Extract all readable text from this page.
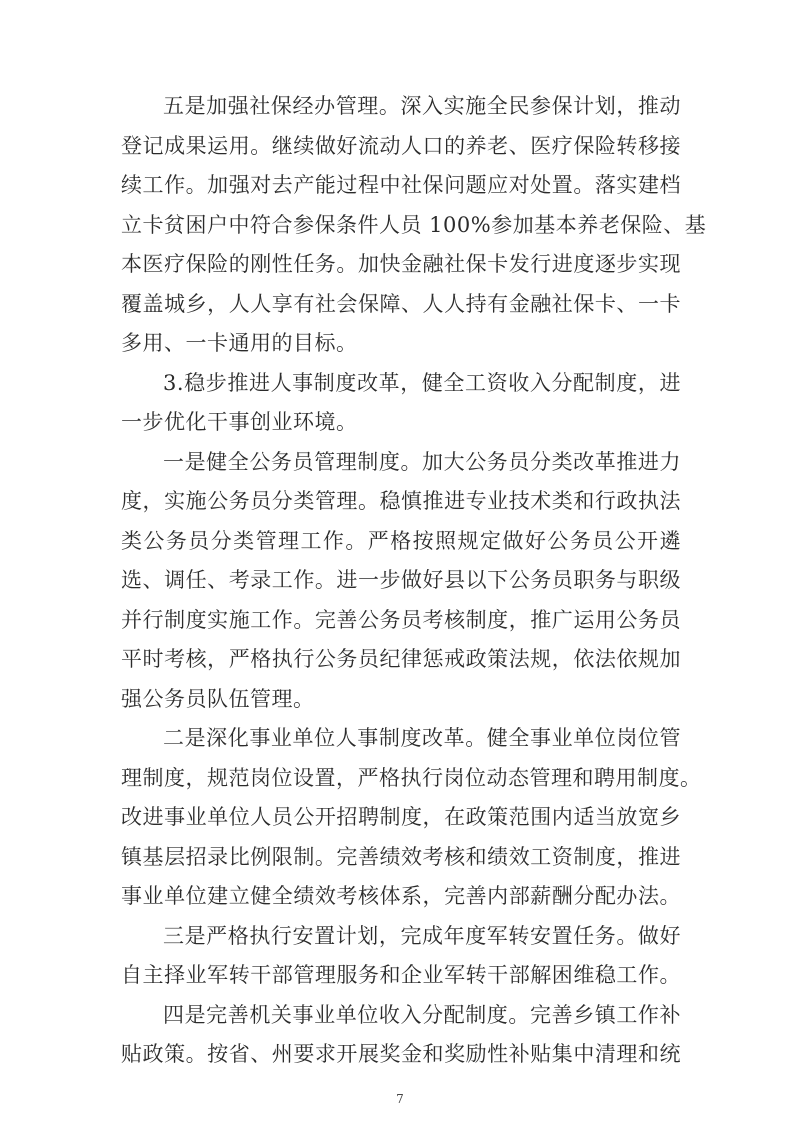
五是加强社保经办管理。深入实施全民参保计划，推动
登记成果运用。继续做好流动人口的养老、医疗保险转移接
续工作。加强对去产能过程中社保问题应对处置。落实建档
立卡贫困户中符合参保条件人员 100%参加基本养老保险、基
本医疗保险的刚性任务。加快金融社保卡发行进度逐步实现
覆盖城乡，人人享有社会保障、人人持有金融社保卡、一卡
多用、一卡通用的目标。
3.稳步推进人事制度改革，健全工资收入分配制度，进
一步优化干事创业环境。
一是健全公务员管理制度。加大公务员分类改革推进力
度，实施公务员分类管理。稳慎推进专业技术类和行政执法
类公务员分类管理工作。严格按照规定做好公务员公开遴
选、调任、考录工作。进一步做好县以下公务员职务与职级
并行制度实施工作。完善公务员考核制度，推广运用公务员
平时考核，严格执行公务员纪律惩戒政策法规，依法依规加
强公务员队伍管理。
二是深化事业单位人事制度改革。健全事业单位岗位管
理制度，规范岗位设置，严格执行岗位动态管理和聘用制度。
改进事业单位人员公开招聘制度，在政策范围内适当放宽乡
镇基层招录比例限制。完善绩效考核和绩效工资制度，推进
事业单位建立健全绩效考核体系，完善内部薪酬分配办法。
三是严格执行安置计划，完成年度军转安置任务。做好
自主择业军转干部管理服务和企业军转干部解困维稳工作。
四是完善机关事业单位收入分配制度。完善乡镇工作补
贴政策。按省、州要求开展奖金和奖励性补贴集中清理和统
7
